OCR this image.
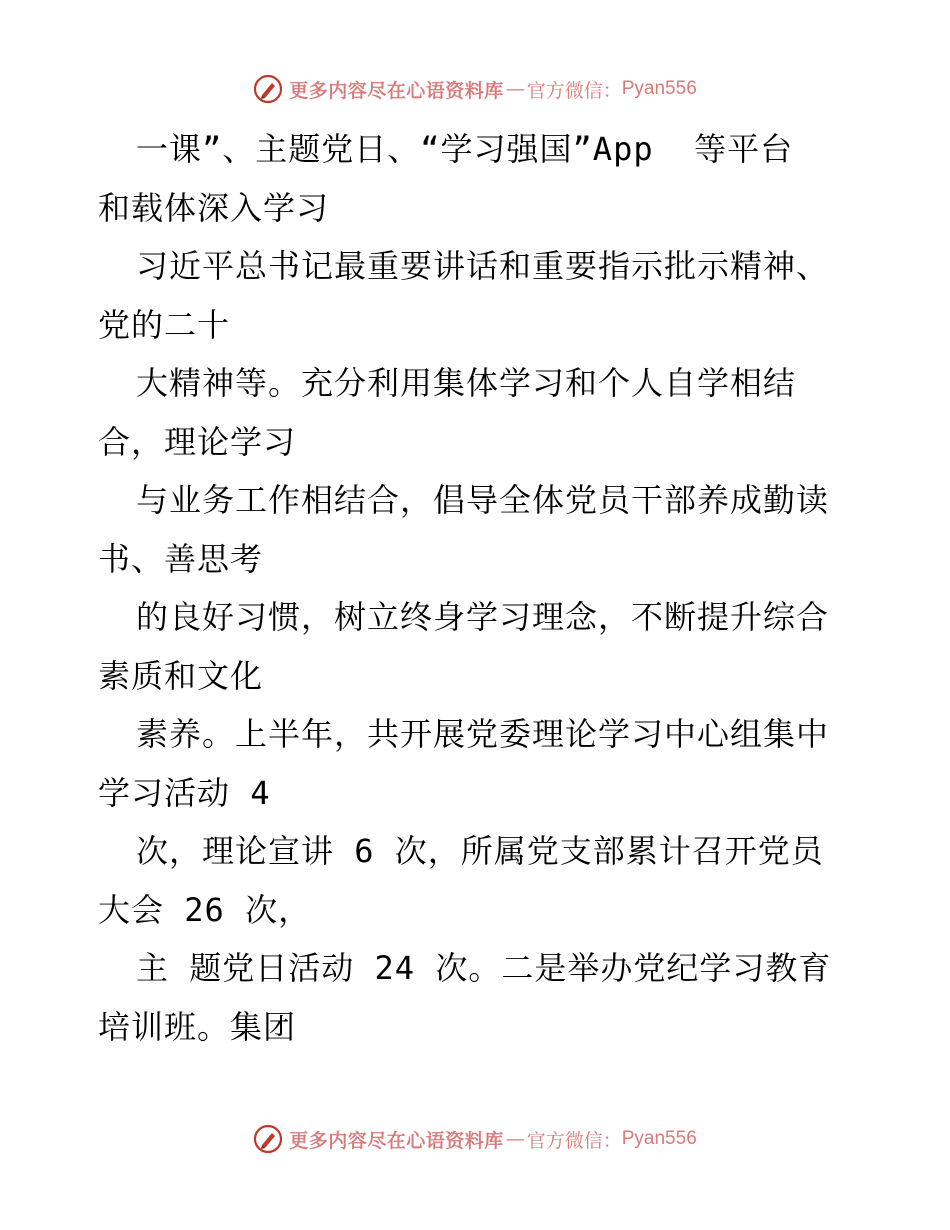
更多内容尽在心语资料库 — 官方微信： Pyan556
一课”、主题党日、“学习强国”App  等平台
和载体深入学习
习近平总书记最重要讲话和重要指示批示精神、
党的二十
大精神等。充分利用集体学习和个人自学相结
合，理论学习
与业务工作相结合，倡导全体党员干部养成勤读
书、善思考
的良好习惯，树立终身学习理念，不断提升综合
素质和文化
素养。上半年，共开展党委理论学习中心组集中
学习活动 4
次，理论宣讲 6 次，所属党支部累计召开党员
大会 26 次，
主 题党日活动 24 次。二是举办党纪学习教育
培训班。集团
更多内容尽在心语资料库 — 官方微信： Pyan556
